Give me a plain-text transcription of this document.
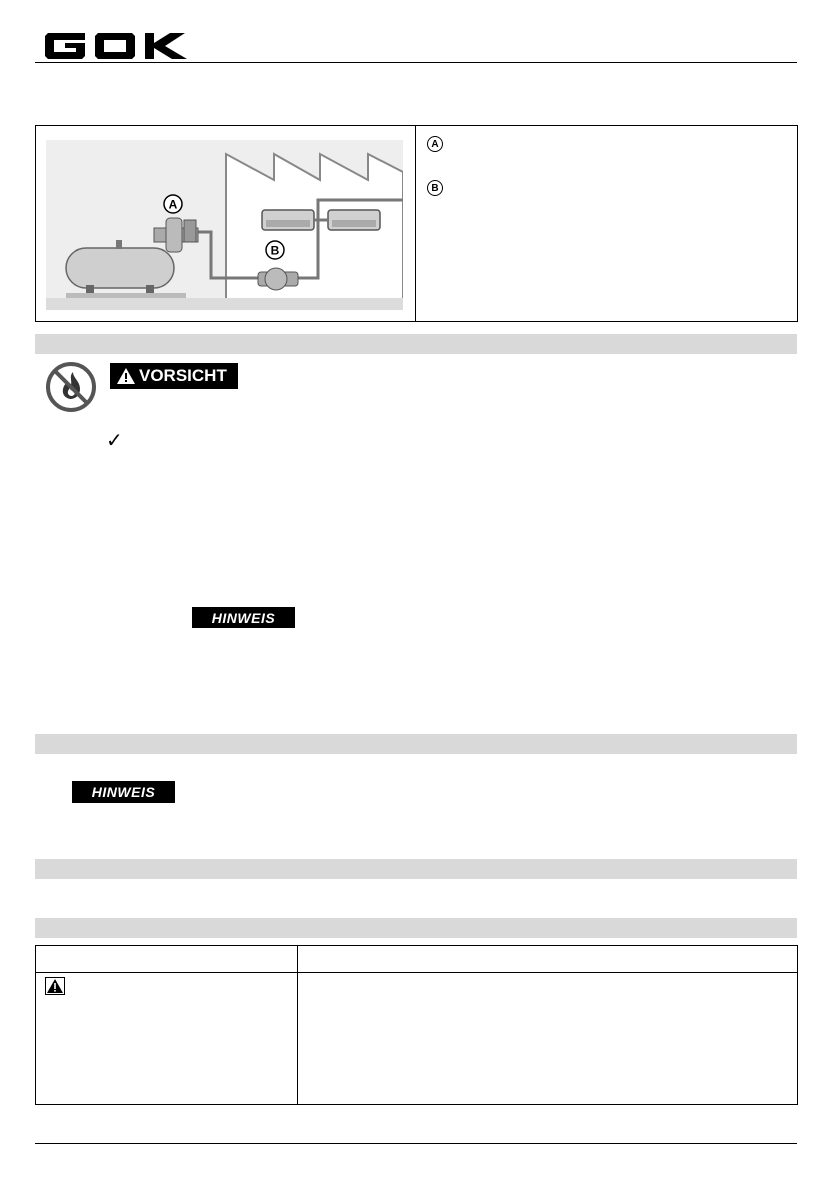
A
B
A
B
VORSICHT
✓
HINWEIS
HINWEIS
